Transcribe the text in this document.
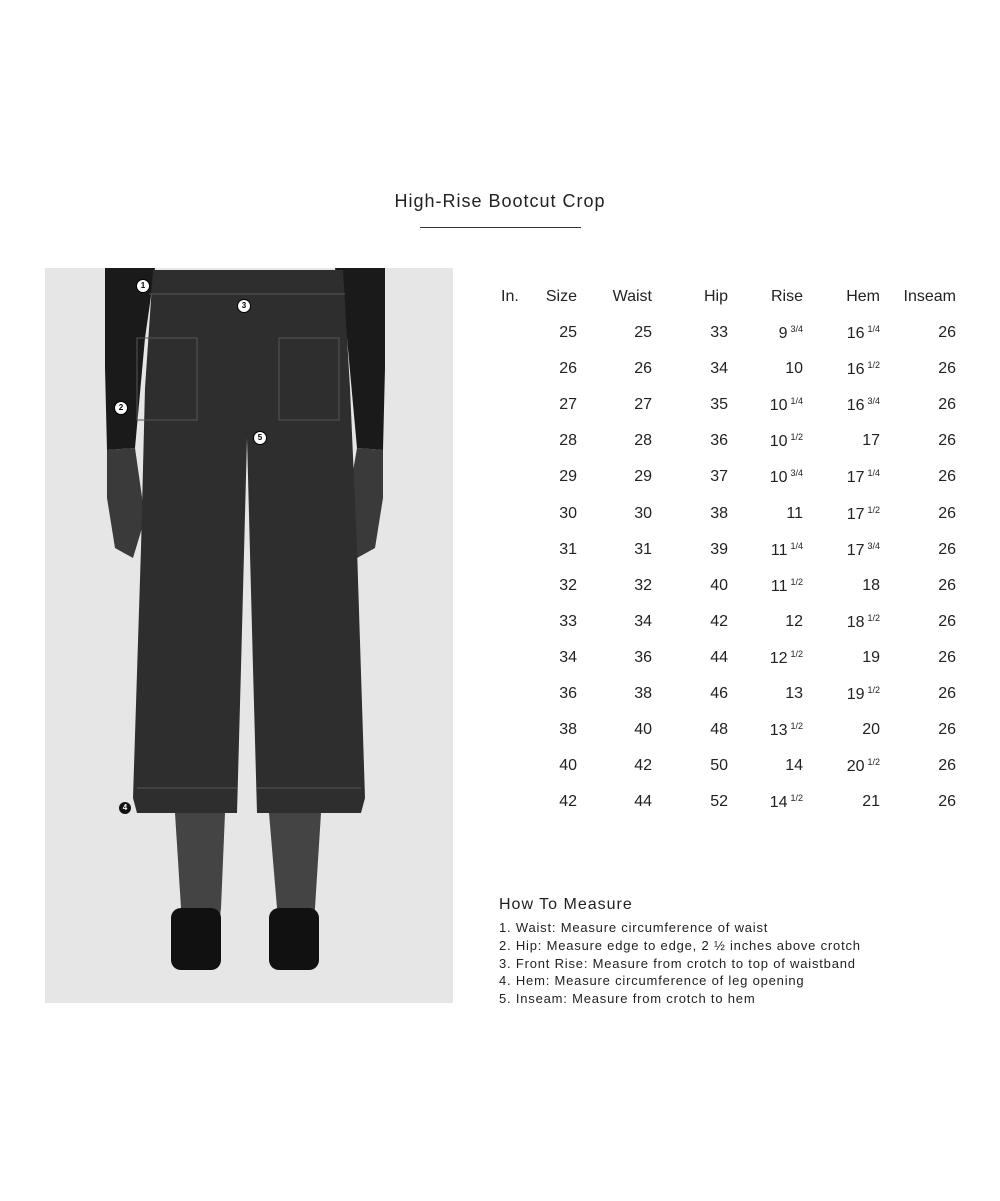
High-Rise Bootcut Crop
1
2
3
4
5
In. Size Waist	Hip	Rise	Hem Inseam
25	25	33	9 $^{3/4}$	16 $^{1/4}$	26
26	26	34	10	16 $^{1/2}$	26
27	27	35	10 $^{1/4}$	16 $^{3/4}$	26
28	28	36	10 $^{1/2}$	17	26
29	29	37	10 $^{3/4}$	17 $^{1/4}$	26
30	30	38	11	17 $^{1/2}$	26
31	31	39	11 $^{1/4}$	17 $^{3/4}$	26
32	32	40	11 $^{1/2}$	18	26
33	34	42	12	18 $^{1/2}$	26
34	36	44	12 $^{1/2}$	19	26
36	38	46	13	19 $^{1/2}$	26
38	40	48	13 $^{1/2}$	20	26
40	42	50	14	20 $^{1/2}$	26
42	44	52	14 $^{1/2}$	21	26
How To Measure
1. Waist: Measure circumference of waist
2. Hip: Measure edge to edge, 2 ½ inches above crotch
3. Front Rise: Measure from crotch to top of waistband
4. Hem: Measure circumference of leg opening
5. Inseam: Measure from crotch to hem
